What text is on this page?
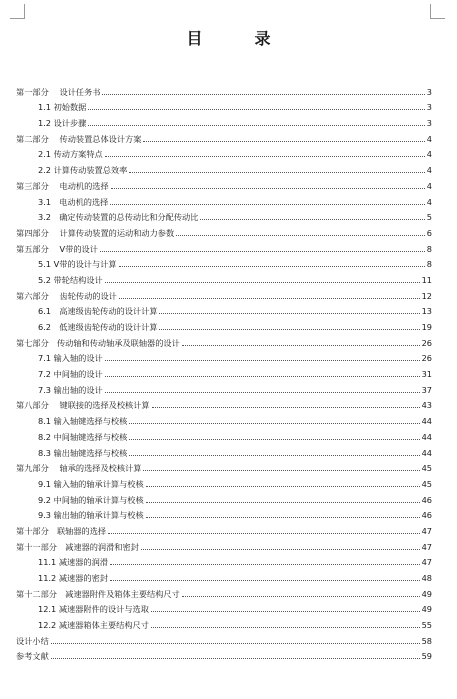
目　录
第一部分　 设计任务书	3
1.1 初始数据	3
1.2 设计步骤	3
第二部分　 传动装置总体设计方案	4
2.1 传动方案特点	4
2.2 计算传动装置总效率	4
第三部分　 电动机的选择	4
3.1　电动机的选择	4
3.2　确定传动装置的总传动比和分配传动比	5
第四部分　 计算传动装置的运动和动力参数	6
第五部分　 V带的设计	8
5.1 V带的设计与计算	8
5.2 带轮结构设计	11
第六部分　 齿轮传动的设计	12
6.1　高速级齿轮传动的设计计算	13
6.2　低速级齿轮传动的设计计算	19
第七部分　传动轴和传动轴承及联轴器的设计	26
7.1 输入轴的设计	26
7.2 中间轴的设计	31
7.3 输出轴的设计	37
第八部分　 键联接的选择及校核计算	43
8.1 输入轴键选择与校核	44
8.2 中间轴键选择与校核	44
8.3 输出轴键选择与校核	44
第九部分　 轴承的选择及校核计算	45
9.1 输入轴的轴承计算与校核	45
9.2 中间轴的轴承计算与校核	46
9.3 输出轴的轴承计算与校核	46
第十部分　联轴器的选择	47
第十一部分　减速器的润滑和密封	47
11.1 减速器的润滑	47
11.2 减速器的密封	48
第十二部分　减速器附件及箱体主要结构尺寸	49
12.1 减速器附件的设计与选取	49
12.2 减速器箱体主要结构尺寸	55
设计小结	58
参考文献	59
